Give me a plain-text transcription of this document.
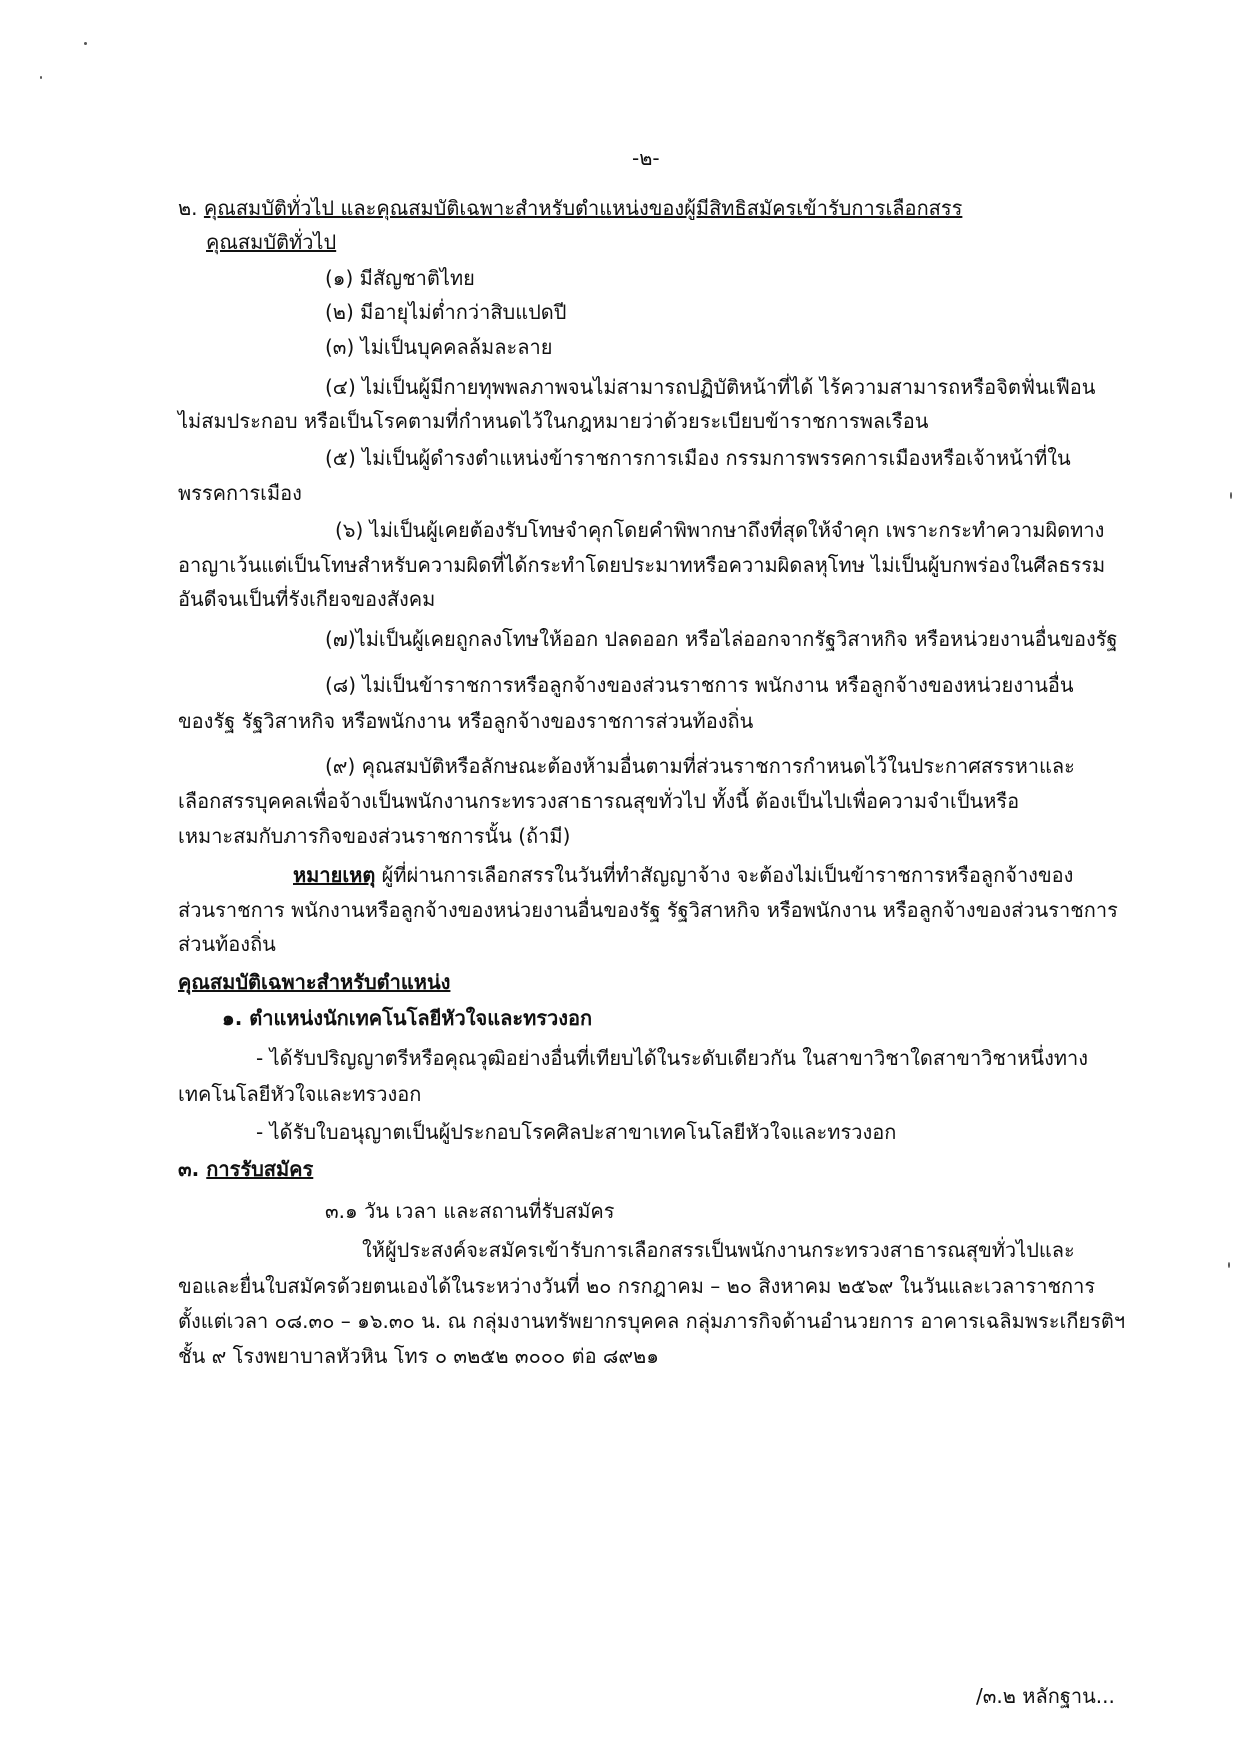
-๒-
๒. คุณสมบัติทั่วไป และคุณสมบัติเฉพาะสำหรับตำแหน่งของผู้มีสิทธิสมัครเข้ารับการเลือกสรร
คุณสมบัติทั่วไป
(๑) มีสัญชาติไทย
(๒) มีอายุไม่ต่ำกว่าสิบแปดปี
(๓) ไม่เป็นบุคคลล้มละลาย
(๔) ไม่เป็นผู้มีกายทุพพลภาพจนไม่สามารถปฏิบัติหน้าที่ได้ ไร้ความสามารถหรือจิตฟั่นเฟือน
ไม่สมประกอบ หรือเป็นโรคตามที่กำหนดไว้ในกฎหมายว่าด้วยระเบียบข้าราชการพลเรือน
(๕) ไม่เป็นผู้ดำรงตำแหน่งข้าราชการการเมือง กรรมการพรรคการเมืองหรือเจ้าหน้าที่ใน
พรรคการเมือง
(๖) ไม่เป็นผู้เคยต้องรับโทษจำคุกโดยคำพิพากษาถึงที่สุดให้จำคุก เพราะกระทำความผิดทาง
อาญาเว้นแต่เป็นโทษสำหรับความผิดที่ได้กระทำโดยประมาทหรือความผิดลหุโทษ ไม่เป็นผู้บกพร่องในศีลธรรม
อันดีจนเป็นที่รังเกียจของสังคม
(๗)ไม่เป็นผู้เคยถูกลงโทษให้ออก ปลดออก หรือไล่ออกจากรัฐวิสาหกิจ หรือหน่วยงานอื่นของรัฐ
(๘) ไม่เป็นข้าราชการหรือลูกจ้างของส่วนราชการ พนักงาน หรือลูกจ้างของหน่วยงานอื่น
ของรัฐ รัฐวิสาหกิจ หรือพนักงาน หรือลูกจ้างของราชการส่วนท้องถิ่น
(๙) คุณสมบัติหรือลักษณะต้องห้ามอื่นตามที่ส่วนราชการกำหนดไว้ในประกาศสรรหาและ
เลือกสรรบุคคลเพื่อจ้างเป็นพนักงานกระทรวงสาธารณสุขทั่วไป ทั้งนี้ ต้องเป็นไปเพื่อความจำเป็นหรือ
เหมาะสมกับภารกิจของส่วนราชการนั้น (ถ้ามี)
หมายเหตุ ผู้ที่ผ่านการเลือกสรรในวันที่ทำสัญญาจ้าง จะต้องไม่เป็นข้าราชการหรือลูกจ้างของ
ส่วนราชการ พนักงานหรือลูกจ้างของหน่วยงานอื่นของรัฐ รัฐวิสาหกิจ หรือพนักงาน หรือลูกจ้างของส่วนราชการ
ส่วนท้องถิ่น
คุณสมบัติเฉพาะสำหรับตำแหน่ง
๑. ตำแหน่งนักเทคโนโลยีหัวใจและทรวงอก
- ได้รับปริญญาตรีหรือคุณวุฒิอย่างอื่นที่เทียบได้ในระดับเดียวกัน ในสาขาวิชาใดสาขาวิชาหนึ่งทาง
เทคโนโลยีหัวใจและทรวงอก
- ได้รับใบอนุญาตเป็นผู้ประกอบโรคศิลปะสาขาเทคโนโลยีหัวใจและทรวงอก
๓. การรับสมัคร
๓.๑ วัน เวลา และสถานที่รับสมัคร
ให้ผู้ประสงค์จะสมัครเข้ารับการเลือกสรรเป็นพนักงานกระทรวงสาธารณสุขทั่วไปและ
ขอและยื่นใบสมัครด้วยตนเองได้ในระหว่างวันที่ ๒๐ กรกฎาคม – ๒๐ สิงหาคม ๒๕๖๙ ในวันและเวลาราชการ
ตั้งแต่เวลา ๐๘.๓๐ – ๑๖.๓๐ น. ณ กลุ่มงานทรัพยากรบุคคล กลุ่มภารกิจด้านอำนวยการ อาคารเฉลิมพระเกียรติฯ
ชั้น ๙ โรงพยาบาลหัวหิน โทร ๐ ๓๒๕๒ ๓๐๐๐ ต่อ ๘๙๒๑
/๓.๒ หลักฐาน...
